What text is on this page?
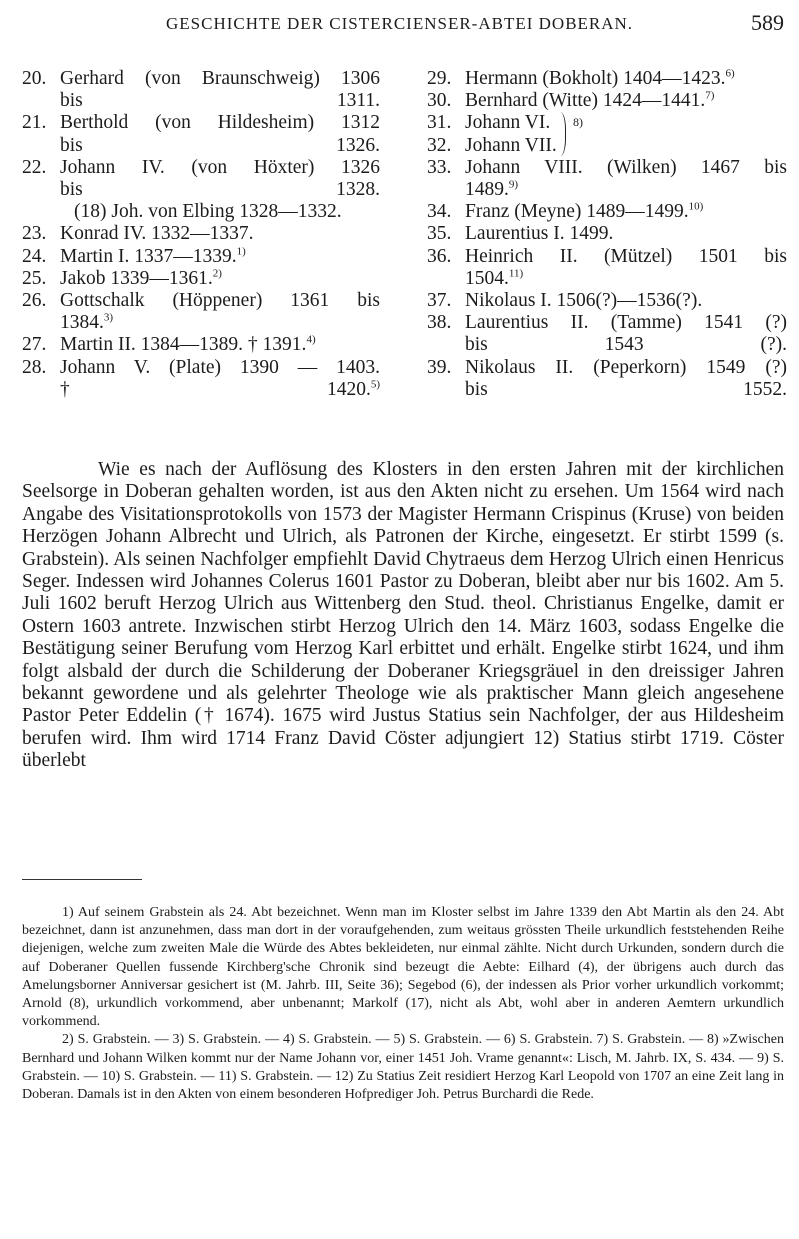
GESCHICHTE DER CISTERCIENSER-ABTEI DOBERAN.	589
20. Gerhard (von Braunschweig) 1306
bis 1311.
21. Berthold (von Hildesheim) 1312
bis 1326.
22. Johann IV. (von Höxter) 1326
bis 1328.
(18) Joh. von Elbing 1328—1332.
23. Konrad IV. 1332—1337.
24. Martin I. 1337—1339.$^{1)}$
25. Jakob 1339—1361.$^{2)}$
26. Gottschalk (Höppener) 1361 bis
1384.$^{3)}$
27. Martin II. 1384—1389. † 1391.$^{4)}$
28. Johann V. (Plate) 1390 — 1403.
† 1420.$^{5)}$
29. Hermann (Bokholt) 1404—1423.$^{6)}$
30. Bernhard (Witte) 1424—1441.$^{7)}$
31. Johann VI.
32. Johann VII.
8)
33. Johann VIII. (Wilken) 1467 bis
1489.$^{9)}$
34. Franz (Meyne) 1489—1499.$^{10)}$
35. Laurentius I. 1499.
36. Heinrich II. (Mützel) 1501 bis
1504.$^{11)}$
37. Nikolaus I. 1506(?)—1536(?).
38. Laurentius II. (Tamme) 1541 (?)
bis 1543 (?).
39. Nikolaus II. (Peperkorn) 1549 (?)
bis 1552.

Wie es nach der Auflösung des Klosters in den ersten Jahren mit der kirchlichen Seelsorge in Doberan gehalten worden, ist aus den Akten nicht zu ersehen. Um 1564 wird nach Angabe des Visitationsprotokolls von 1573 der Magister Hermann Crispinus (Kruse) von beiden Herzögen Johann Albrecht und Ulrich, als Patronen der Kirche, eingesetzt. Er stirbt 1599 (s. Grabstein). Als seinen Nachfolger empfiehlt David Chytraeus dem Herzog Ulrich einen Henricus Seger. Indessen wird Johannes Colerus 1601 Pastor zu Doberan, bleibt aber nur bis 1602. Am 5. Juli 1602 beruft Herzog Ulrich aus Wittenberg den Stud. theol. Christianus Engelke, damit er Ostern 1603 antrete. Inzwischen stirbt Herzog Ulrich den 14. März 1603, sodass Engelke die Bestätigung seiner Berufung vom Herzog Karl erbittet und erhält. Engelke stirbt 1624, und ihm folgt alsbald der durch die Schilderung der Doberaner Kriegsgräuel in den dreissiger Jahren bekannt gewordene und als gelehrter Theologe wie als praktischer Mann gleich angesehene Pastor Peter Eddelin († 1674). 1675 wird Justus Statius sein Nachfolger, der aus Hildesheim berufen wird. Ihm wird 1714 Franz David Cöster adjungiert 12) Statius stirbt 1719. Cöster überlebt

1) Auf seinem Grabstein als 24. Abt bezeichnet. Wenn man im Kloster selbst im Jahre 1339 den Abt Martin als den 24. Abt bezeichnet, dann ist anzunehmen, dass man dort in der voraufgehenden, zum weitaus grössten Theile urkundlich feststehenden Reihe diejenigen, welche zum zweiten Male die Würde des Abtes bekleideten, nur einmal zählte. Nicht durch Urkunden, sondern durch die auf Doberaner Quellen fussende Kirchberg'sche Chronik sind bezeugt die Aebte: Eilhard (4), der übrigens auch durch das Amelungsborner Anniversar gesichert ist (M. Jahrb. III, Seite 36); Segebod (6), der indessen als Prior vorher urkundlich vorkommt; Arnold (8), urkundlich vorkommend, aber unbenannt; Markolf (17), nicht als Abt, wohl aber in anderen Aemtern urkundlich vorkommend.

2) S. Grabstein. — 3) S. Grabstein. — 4) S. Grabstein. — 5) S. Grabstein. — 6) S. Grabstein. 7) S. Grabstein. — 8) »Zwischen Bernhard und Johann Wilken kommt nur der Name Johann vor, einer 1451 Joh. Vrame genannt«: Lisch, M. Jahrb. IX, S. 434. — 9) S. Grabstein. — 10) S. Grabstein. — 11) S. Grabstein. — 12) Zu Statius Zeit residiert Herzog Karl Leopold von 1707 an eine Zeit lang in Doberan. Damals ist in den Akten von einem besonderen Hofprediger Joh. Petrus Burchardi die Rede.
